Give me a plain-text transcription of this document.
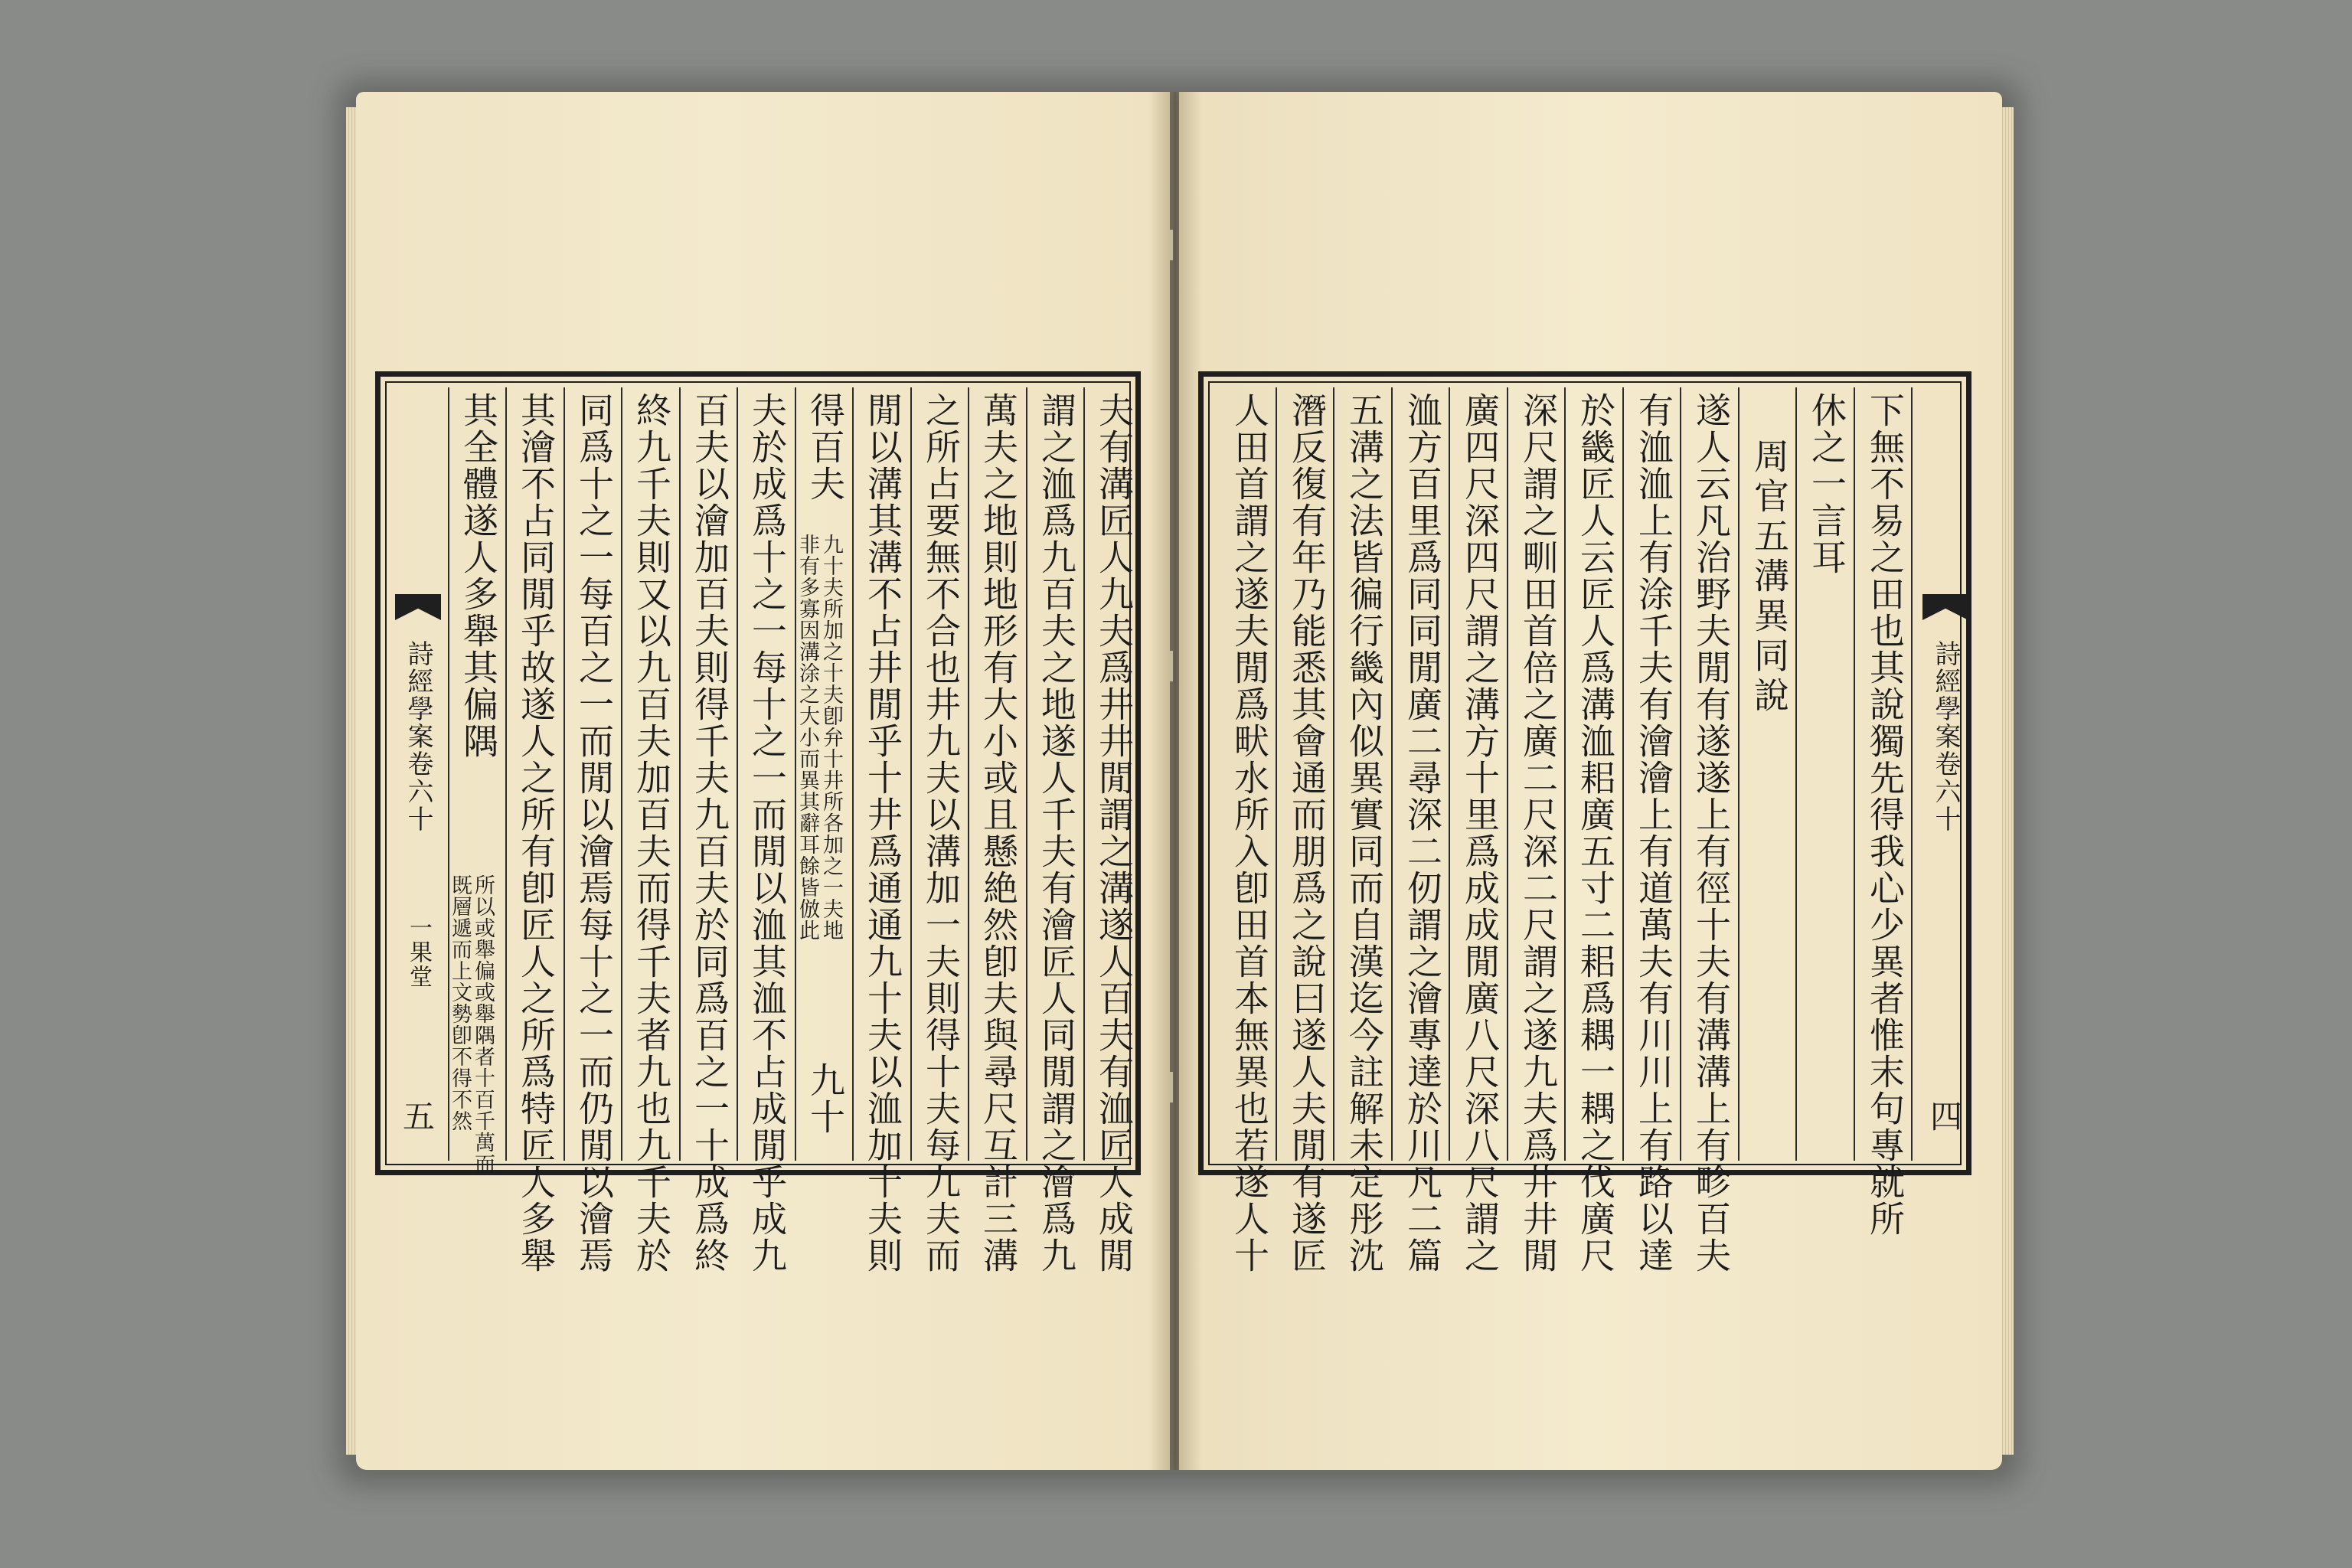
夫有溝匠人九夫爲井井閒謂之溝遂人百夫有洫匠人成閒
謂之洫爲九百夫之地遂人千夫有澮匠人同閒謂之澮爲九
萬夫之地則地形有大小或且懸絶然卽夫與尋尺互計三溝
之所占要無不合也井九夫以溝加一夫則得十夫每九夫而
閒以溝其溝不占井閒乎十井爲通通九十夫以洫加十夫則
得百夫
九十夫所加之十夫卽弁十井所各加之一夫地
非有多寡因溝涂之大小而異其辭耳餘皆倣此
九十
夫於成爲十之一每十之一而閒以洫其洫不占成閒乎成九
百夫以澮加百夫則得千夫九百夫於同爲百之一十成爲終
終九千夫則又以九百夫加百夫而得千夫者九也九千夫於
同爲十之一每百之一而閒以澮焉每十之一而仍閒以澮焉
其澮不占同閒乎故遂人之所有卽匠人之所爲特匠人多舉
其全體遂人多舉其偏隅
所以或舉偏或舉隅者十百千萬而
既層遞而上文勢卽不得不然
詩經學案卷六十
一果堂
五	下無不易之田也其說獨先得我心少異者惟末句專就所
休之一言耳
周官五溝異同說
遂人云凡治野夫閒有遂遂上有徑十夫有溝溝上有畛百夫
有洫洫上有涂千夫有澮澮上有道萬夫有川川上有路以達
於畿匠人云匠人爲溝洫耜廣五寸二耜爲耦一耦之伐廣尺
深尺謂之甽田首倍之廣二尺深二尺謂之遂九夫爲井井閒
廣四尺深四尺謂之溝方十里爲成成閒廣八尺深八尺謂之
洫方百里爲同同閒廣二尋深二仞謂之澮專達於川凡二篇
五溝之法皆徧行畿內似異實同而自漢迄今註解未定彤沈
潛反復有年乃能悉其會通而朋爲之說曰遂人夫閒有遂匠
人田首謂之遂夫閒爲畎水所入卽田首本無異也若遂人十	詩經學案卷六十
四
